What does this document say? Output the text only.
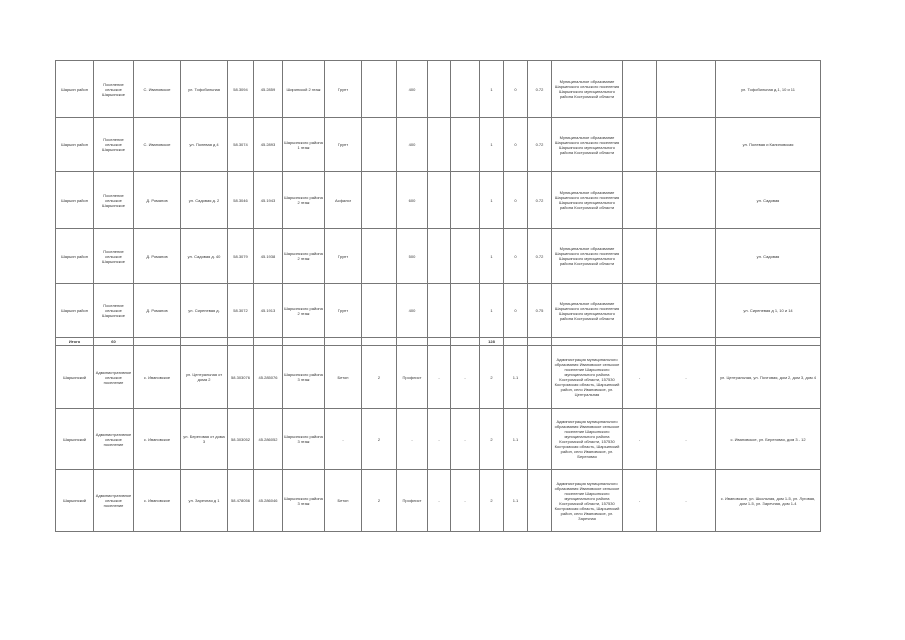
Шарьин район	Поселение сельское Шарьинское	С. Ивановское	ул. Тофобильная	58.3094	45.2859	Ширинской 2 этаж	Грунт		400			1	0	0.72	Муниципальное образование Шарьинского сельского поселения Шарьинского муниципального района Костромской области			ул. Тофобильная д.1, 10 и 11
Шарьин район	Поселение сельское Шарьинское	С. Ивановское	ул. Полевая д 4	58.3074	45.2893	Шарьинского района 1 этаж	Грунт		400			1	0	0.72	Муниципальное образование Шарьинского сельского поселения Шарьинского муниципального района Костромской области			ул. Полевая и Калиновская
Шарьин район	Поселение сельское Шарьинское	Д. Романов	ул. Садовая д. 2	58.3046	45.1943	Шарьинского района 2 этаж	Асфальт		600			1	0	0.72	Муниципальное образование Шарьинского сельского поселения Шарьинского муниципального района Костромской области			ул. Садовая
Шарьин район	Поселение сельское Шарьинское	Д. Романов	ул. Садовая д. 40	58.3079	45.1938	Шарьинского района 2 этаж	Грунт		500			1	0	0.72	Муниципальное образование Шарьинского сельского поселения Шарьинского муниципального района Костромской области			ул. Садовая
Шарьин район	Поселение сельское Шарьинское	Д. Романов	ул. Сиреневая д.	58.3072	45.1913	Шарьинского района 2 этаж	Грунт		400			1	0	0.75	Муниципальное образование Шарьинского сельского поселения Шарьинского муниципального района Костромской области			ул. Сиреневая д 1, 10 и 14
Итого	60											128						
Шарьинский	Административное сельское поселение	с. Ивановское	ул. Центральная от дома 2	58.303076	45.285076	Шарьинского района 3 этаж	Бетон	2	Профлист	-	-	2	1.1		Администрация муниципального образования Ивановское сельское поселение Шарьинского муниципального района Костромской области, 157530 Костромская область, Шарьинский район, село Ивановское, ул. Центральная	-	-	ул. Центральная, ул. Почтовая, дом 2, дом 3, дом 4
Шарьинский	Административное сельское поселение	с. Ивановское	ул. Береговая от дома 3	58.303052	45.286052	Шарьинского района 3 этаж	-	2	-	-	-	2	1.1		Администрация муниципального образования Ивановское сельское поселение Шарьинского муниципального района Костромской области, 157530 Костромская область, Шарьинский район, село Ивановское, ул. Береговая	-	-	с. Ивановское, ул. Береговая, дом 3 - 12
Шарьинский	Административное сельское поселение	с. Ивановское	ул. Заречная д 1	58.478056	45.286046	Шарьинского района 3 этаж	Бетон	2	Профлист	-	-	2	1.1		Администрация муниципального образования Ивановское сельское поселение Шарьинского муниципального района Костромской области, 157530 Костромская область, Шарьинский район, село Ивановское, ул. Заречная	-	-	с. Ивановское, ул. Школьная, дом 1-5, ул. Луговая, дом 1-5, ул. Заречная, дом 1-4
